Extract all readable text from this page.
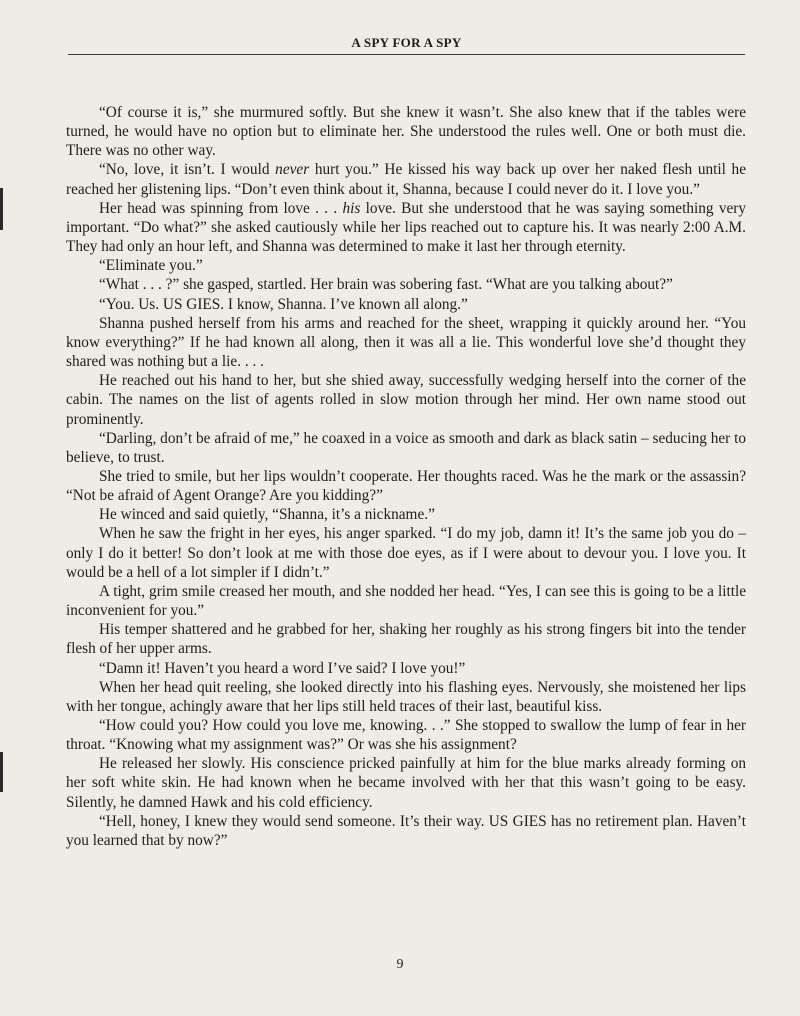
A SPY FOR A SPY

“Of course it is,” she murmured softly. But she knew it wasn’t. She also knew that if the tables were turned, he would have no option but to eliminate her. She understood the rules well. One or both must die. There was no other way.

“No, love, it isn’t. I would never hurt you.” He kissed his way back up over her naked flesh until he reached her glistening lips. “Don’t even think about it, Shanna, because I could never do it. I love you.”

Her head was spinning from love . . . his love. But she understood that he was saying something very important. “Do what?” she asked cautiously while her lips reached out to capture his. It was nearly 2:00 A.M. They had only an hour left, and Shanna was determined to make it last her through eternity.

“Eliminate you.”

“What . . . ?” she gasped, startled. Her brain was sobering fast. “What are you talking about?”

“You. Us. US GIES. I know, Shanna. I’ve known all along.”

Shanna pushed herself from his arms and reached for the sheet, wrapping it quickly around her. “You know everything?” If he had known all along, then it was all a lie. This wonderful love she’d thought they shared was nothing but a lie. . . .

He reached out his hand to her, but she shied away, successfully wedging herself into the corner of the cabin. The names on the list of agents rolled in slow motion through her mind. Her own name stood out prominently.

“Darling, don’t be afraid of me,” he coaxed in a voice as smooth and dark as black satin – seducing her to believe, to trust.

She tried to smile, but her lips wouldn’t cooperate. Her thoughts raced. Was he the mark or the assassin? “Not be afraid of Agent Orange? Are you kidding?”

He winced and said quietly, “Shanna, it’s a nickname.”

When he saw the fright in her eyes, his anger sparked. “I do my job, damn it! It’s the same job you do – only I do it better! So don’t look at me with those doe eyes, as if I were about to devour you. I love you. It would be a hell of a lot simpler if I didn’t.”

A tight, grim smile creased her mouth, and she nodded her head. “Yes, I can see this is going to be a little inconvenient for you.”

His temper shattered and he grabbed for her, shaking her roughly as his strong fingers bit into the tender flesh of her upper arms.

“Damn it! Haven’t you heard a word I’ve said? I love you!”

When her head quit reeling, she looked directly into his flashing eyes. Nervously, she moistened her lips with her tongue, achingly aware that her lips still held traces of their last, beautiful kiss.

“How could you? How could you love me, knowing. . .” She stopped to swallow the lump of fear in her throat. “Knowing what my assignment was?” Or was she his assignment?

He released her slowly. His conscience pricked painfully at him for the blue marks already forming on her soft white skin. He had known when he became involved with her that this wasn’t going to be easy. Silently, he damned Hawk and his cold efficiency.

“Hell, honey, I knew they would send someone. It’s their way. US GIES has no retirement plan. Haven’t you learned that by now?”

9
